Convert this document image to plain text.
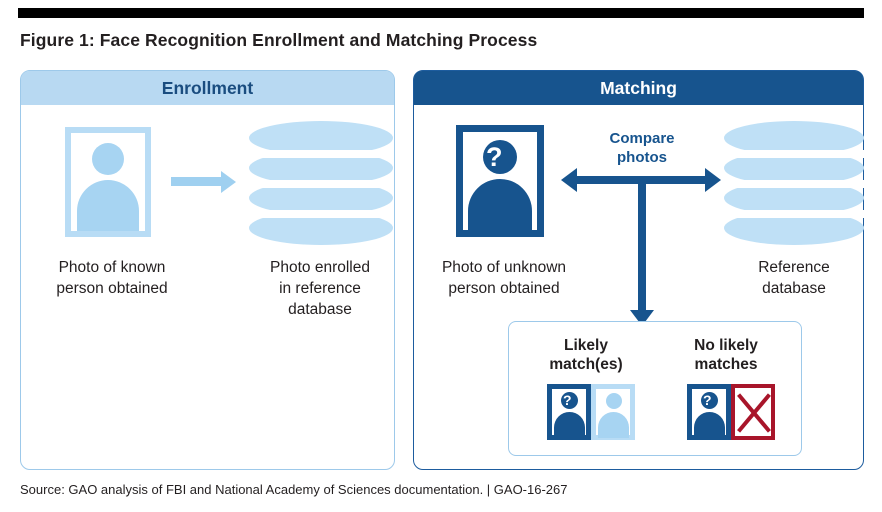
Figure 1: Face Recognition Enrollment and Matching Process
Enrollment
Photo of known
person obtained
Photo enrolled
in reference
database
Matching
?
Compare
photos
Photo of unknown
person obtained
Reference
database
Likely
match(es)
No likely
matches
?	?
Source: GAO analysis of FBI and National Academy of Sciences documentation. | GAO-16-267
